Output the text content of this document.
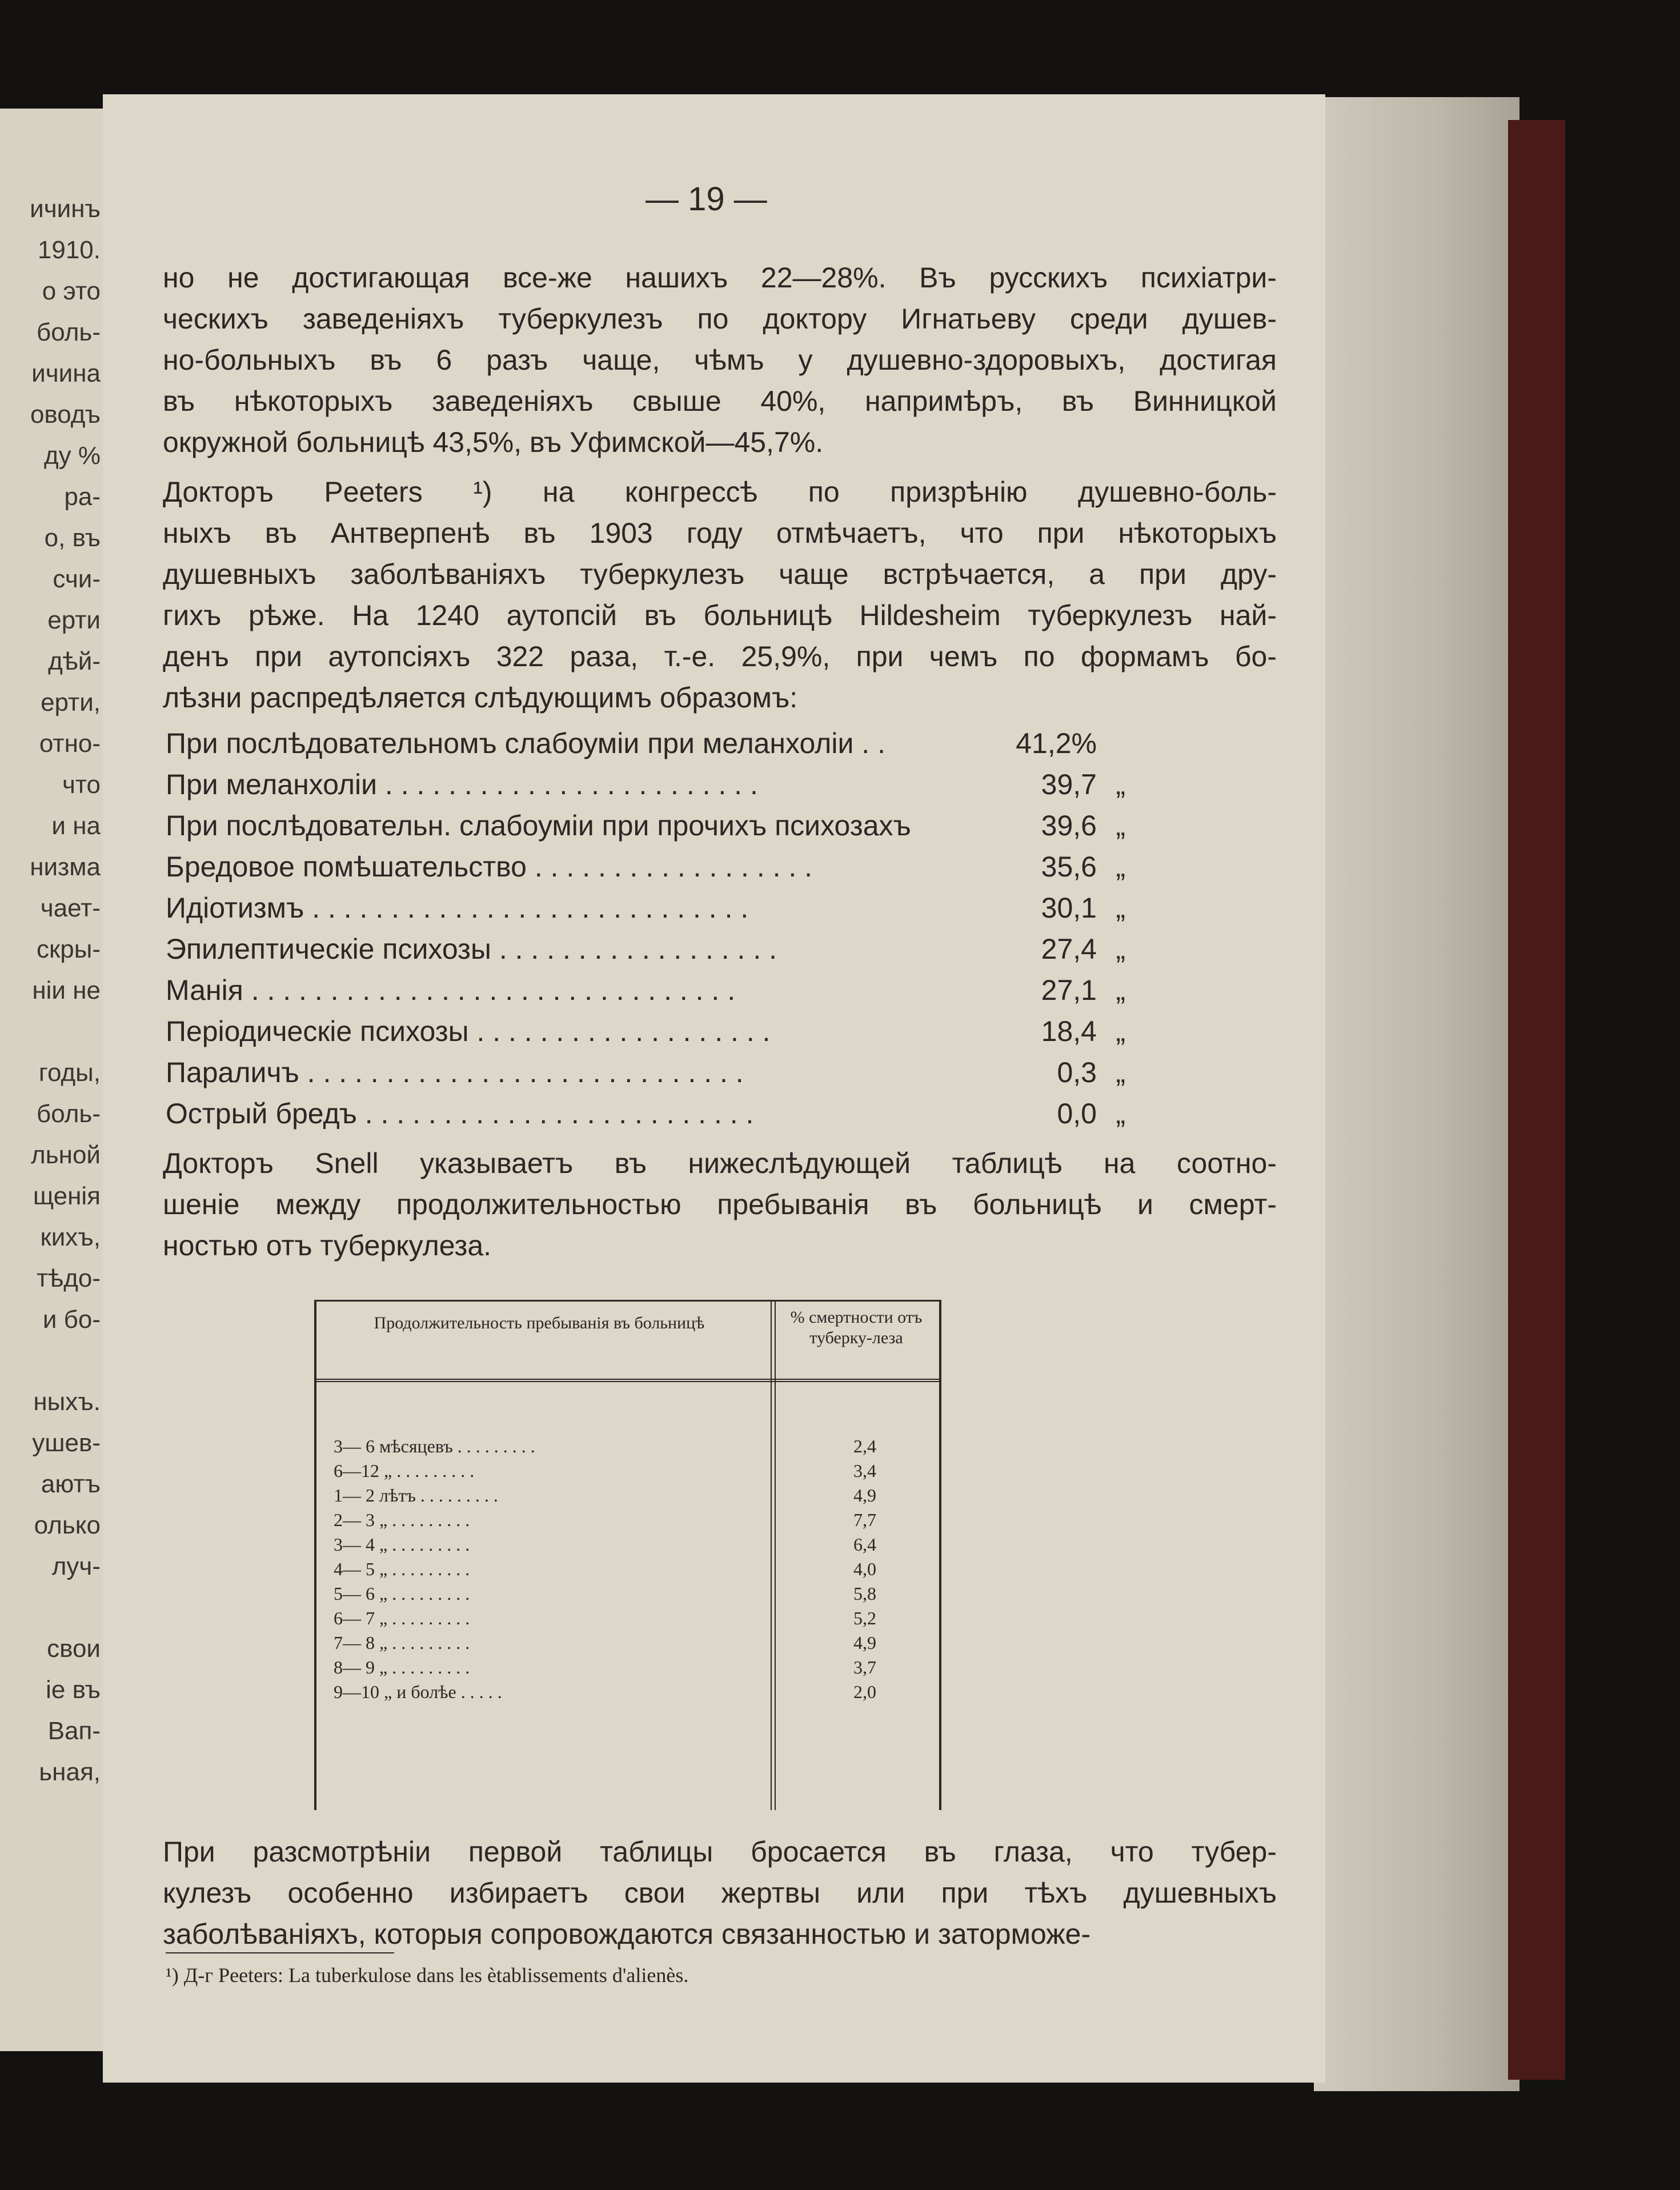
ичинъ
1910.
о это
боль-
ичина
оводъ
ду %
ра-
о, въ
счи-
ерти
дѣй-
ерти,
отно-
что
и на
низма
чает-
скры-
ніи не
годы,
боль-
льной
щенія
кихъ,
тѣдо-
и бо-
ныхъ.
ушев-
аютъ
олько
луч-
свои
іе въ
Вап-
ьная,
— 19 —
но не достигающая все-же нашихъ 22—28%. Въ русскихъ психіатри-
ческихъ заведеніяхъ туберкулезъ по доктору Игнатьеву среди душев-
но-больныхъ въ 6 разъ чаще, чѣмъ у душевно-здоровыхъ, достигая
въ нѣкоторыхъ заведеніяхъ свыше 40%, напримѣръ, въ Винницкой
окружной больницѣ 43,5%, въ Уфимской—45,7%.
Докторъ Peeters ¹) на конгрессѣ по призрѣнію душевно-боль-
ныхъ въ Антверпенѣ въ 1903 году отмѣчаетъ, что при нѣкоторыхъ
душевныхъ заболѣваніяхъ туберкулезъ чаще встрѣчается, а при дру-
гихъ рѣже. На 1240 аутопсій въ больницѣ Hildesheim туберкулезъ най-
денъ при аутопсіяхъ 322 раза, т.-е. 25,9%, при чемъ по формамъ бо-
лѣзни распредѣляется слѣдующимъ образомъ:
При послѣдовательномъ слабоуміи при меланхоліи . .	41,2%
При меланхоліи . . . . . . . . . . . . . . . . . . . . . . . .	39,7 „
При послѣдовательн. слабоуміи при прочихъ психозахъ	39,6 „
Бредовое помѣшательство . . . . . . . . . . . . . . . . . .	35,6 „
Идіотизмъ . . . . . . . . . . . . . . . . . . . . . . . . . . . .	30,1 „
Эпилептическіе психозы . . . . . . . . . . . . . . . . . .	27,4 „
Манія . . . . . . . . . . . . . . . . . . . . . . . . . . . . . . .	27,1 „
Періодическіе психозы . . . . . . . . . . . . . . . . . . .	18,4 „
Параличъ . . . . . . . . . . . . . . . . . . . . . . . . . . . .	0,3 „
Острый бредъ . . . . . . . . . . . . . . . . . . . . . . . . .	0,0 „
Докторъ Snell указываетъ въ нижеслѣдующей таблицѣ на соотно-
шеніе между продолжительностью пребыванія въ больницѣ и смерт-
ностью отъ туберкулеза.
Продолжительность пребыванія въ больницѣ	% смертности отъ туберку-леза
3— 6 мѣсяцевъ . . . . . . . . .	2,4
6—12 „ . . . . . . . . .	3,4
1— 2 лѣтъ . . . . . . . . .	4,9
2— 3 „ . . . . . . . . .	7,7
3— 4 „ . . . . . . . . .	6,4
4— 5 „ . . . . . . . . .	4,0
5— 6 „ . . . . . . . . .	5,8
6— 7 „ . . . . . . . . .	5,2
7— 8 „ . . . . . . . . .	4,9
8— 9 „ . . . . . . . . .	3,7
9—10 „ и болѣе . . . . .	2,0
При разсмотрѣніи первой таблицы бросается въ глаза, что тубер-
кулезъ особенно избираетъ свои жертвы или при тѣхъ душевныхъ
заболѣваніяхъ, которыя сопровождаются связанностью и заторможе-
¹) Д-г Peeters: La tuberkulose dans les ètablissements d'alienès.
